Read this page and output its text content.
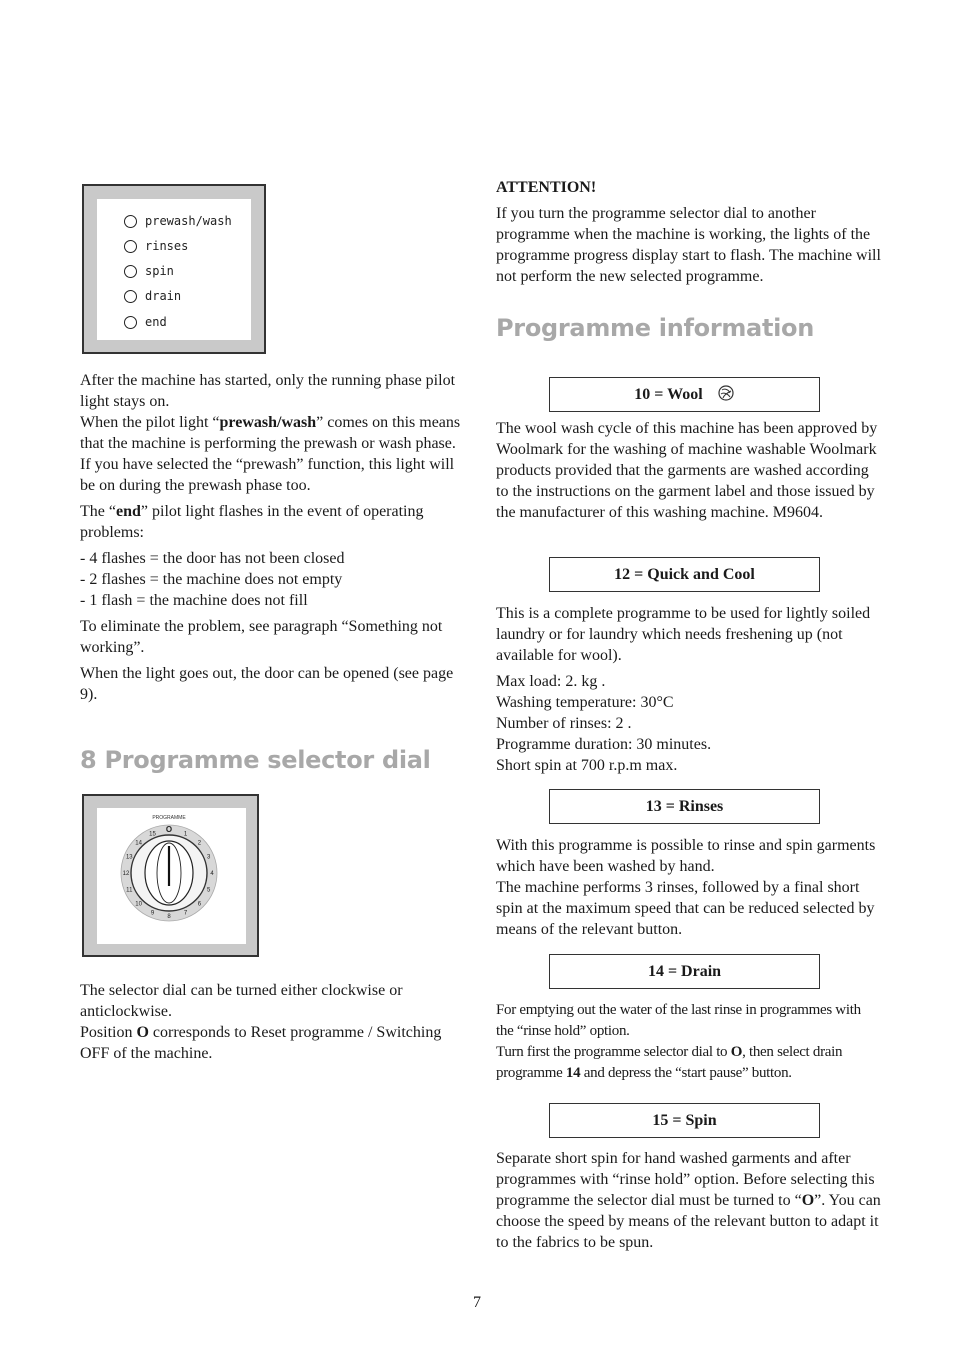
prewash/wash
rinses
spin
drain
end

After the machine has started, only the running phase pilot light stays on.

When the pilot light “prewash/wash” comes on this means that the machine is performing the prewash or wash phase. If you have selected the “prewash” function, this light will be on during the prewash phase too.

The “end” pilot light flashes in the event of operating problems:

- 4 flashes = the door has not been closed
- 2 flashes = the machine does not empty
- 1 flash = the machine does not fill

To eliminate the problem, see paragraph “Something not working”.

When the light goes out, the door can be opened (see page 9).

8 Programme selector dial
PROGRAMME
O
1
2
3
4
5
6
7
8
9
10
11
12
13
14
15

The selector dial can be turned either clockwise or anticlockwise.

Position O corresponds to Reset programme / Switching OFF of the machine.

ATTENTION!

If you turn the programme selector dial to another programme when the machine is working, the lights of the programme progress display start to flash. The machine will not perform the new selected programme.

Programme information
10 = Wool

The wool wash cycle of this machine has been approved by Woolmark for the washing of machine washable Woolmark products provided that the garments are washed according to the instructions on the garment label and those issued by the manufacturer of this washing machine. M9604.

12 = Quick and Cool

This is a complete programme to be used for lightly soiled laundry or for laundry which needs freshening up (not available for wool).

Max load: 2. kg .
Washing temperature: 30°C
Number of rinses: 2 .
Programme duration: 30 minutes.
Short spin at 700 r.p.m max.

13 = Rinses

With this programme is possible to rinse and spin garments which have been washed by hand.

The machine performs 3 rinses, followed by a final short spin at the maximum speed that can be reduced selected by means of the relevant button.

14 = Drain

For emptying out the water of the last rinse in programmes with the “rinse hold” option.

Turn first the programme selector dial to O, then select drain programme 14 and depress the “start pause” button.

15 = Spin

Separate short spin for hand washed garments and after programmes with “rinse hold” option. Before selecting this programme the selector dial must be turned to “O”. You can choose the speed by means of the relevant button to adapt it to the fabrics to be spun.

7
